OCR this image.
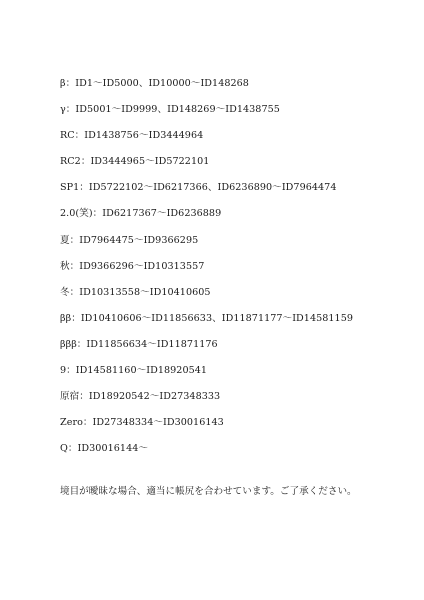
β：ID1～ID5000、ID10000～ID148268
γ：ID5001～ID9999、ID148269～ID1438755
RC：ID1438756～ID3444964
RC2：ID3444965～ID5722101
SP1：ID5722102～ID6217366、ID6236890～ID7964474
2.0(笑)：ID6217367～ID6236889
夏：ID7964475～ID9366295
秋：ID9366296～ID10313557
冬：ID10313558～ID10410605
ββ：ID10410606～ID11856633、ID11871177～ID14581159
βββ：ID11856634～ID11871176
9：ID14581160～ID18920541
原宿：ID18920542～ID27348333
Zero：ID27348334～ID30016143
Q：ID30016144～

境目が曖昧な場合、適当に帳尻を合わせています。ご了承ください。
